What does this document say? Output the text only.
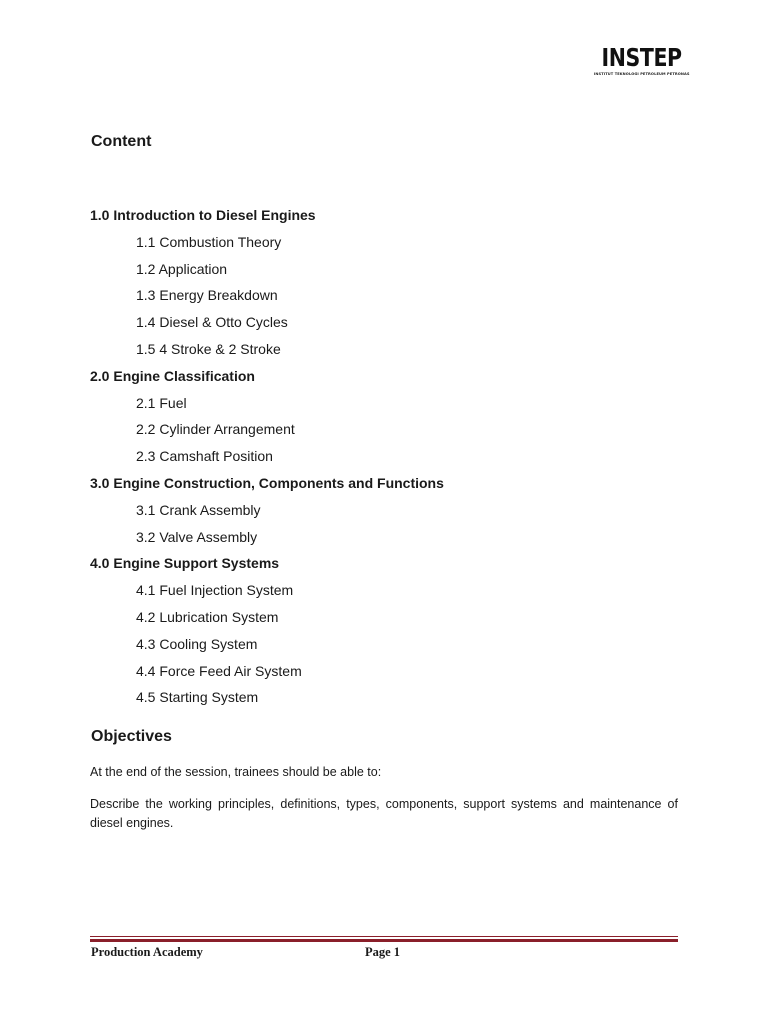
INSTEP
INSTITUT TEKNOLOGI PETROLEUM PETRONAS
Content
1.0 Introduction to Diesel Engines
1.1 Combustion Theory
1.2 Application
1.3 Energy Breakdown
1.4 Diesel & Otto Cycles
1.5 4 Stroke & 2 Stroke
2.0 Engine Classification
2.1 Fuel
2.2 Cylinder Arrangement
2.3 Camshaft Position
3.0 Engine Construction, Components and Functions
3.1 Crank Assembly
3.2 Valve Assembly
4.0 Engine Support Systems
4.1 Fuel Injection System
4.2 Lubrication System
4.3 Cooling System
4.4 Force Feed Air System
4.5 Starting System
Objectives

At the end of the session, trainees should be able to:

Describe the working principles, definitions, types, components, support systems and maintenance of diesel engines.

Production Academy	Page 1
